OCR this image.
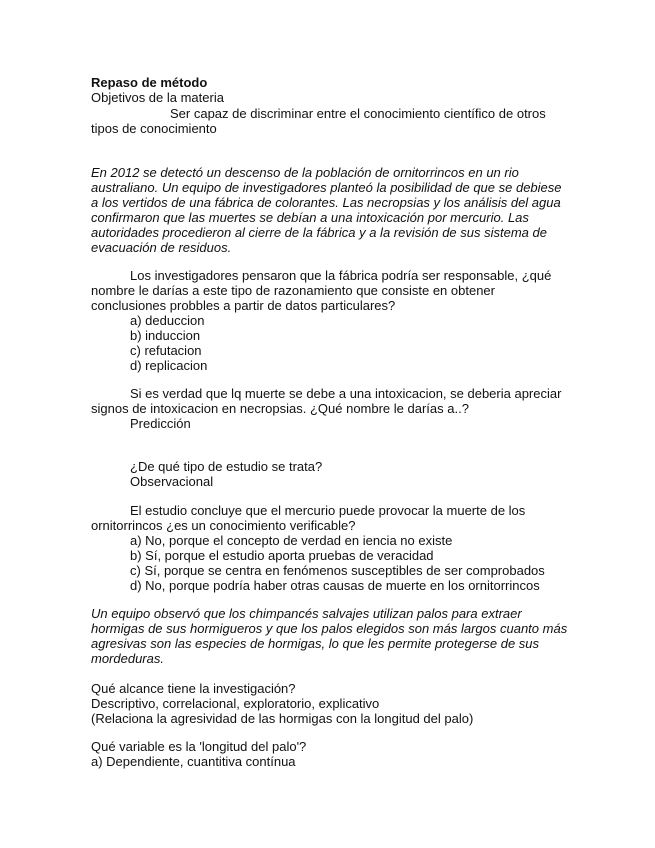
Repaso de método
Objetivos de la materia
Ser capaz de discriminar entre el conocimiento científico de otros
tipos de conocimiento
En 2012 se detectó un descenso de la población de ornitorrincos en un rio
australiano. Un equipo de investigadores planteó la posibilidad de que se debiese
a los vertidos de una fábrica de colorantes. Las necropsias y los análisis del agua
confirmaron que las muertes se debían a una intoxicación por mercurio. Las
autoridades procedieron al cierre de la fábrica y a la revisión de sus sistema de
evacuación de residuos.
Los investigadores pensaron que la fábrica podría ser responsable, ¿qué
nombre le darías a este tipo de razonamiento que consiste en obtener
conclusiones probbles a partir de datos particulares?
a) deduccion
b) induccion
c) refutacion
d) replicacion
Si es verdad que lq muerte se debe a una intoxicacion, se deberia apreciar
signos de intoxicacion en necropsias. ¿Qué nombre le darías a..?
Predicción
¿De qué tipo de estudio se trata?
Observacional
El estudio concluye que el mercurio puede provocar la muerte de los
ornitorrincos ¿es un conocimiento verificable?
a) No, porque el concepto de verdad en iencia no existe
b) Sí, porque el estudio aporta pruebas de veracidad
c) Sí, porque se centra en fenómenos susceptibles de ser comprobados
d) No, porque podría haber otras causas de muerte en los ornitorrincos
Un equipo observó que los chimpancés salvajes utilizan palos para extraer
hormigas de sus hormigueros y que los palos elegidos son más largos cuanto más
agresivas son las especies de hormigas, lo que les permite protegerse de sus
mordeduras.
Qué alcance tiene la investigación?
Descriptivo, correlacional, exploratorio, explicativo
(Relaciona la agresividad de las hormigas con la longitud del palo)
Qué variable es la 'longitud del palo'?
a) Dependiente, cuantitiva contínua
